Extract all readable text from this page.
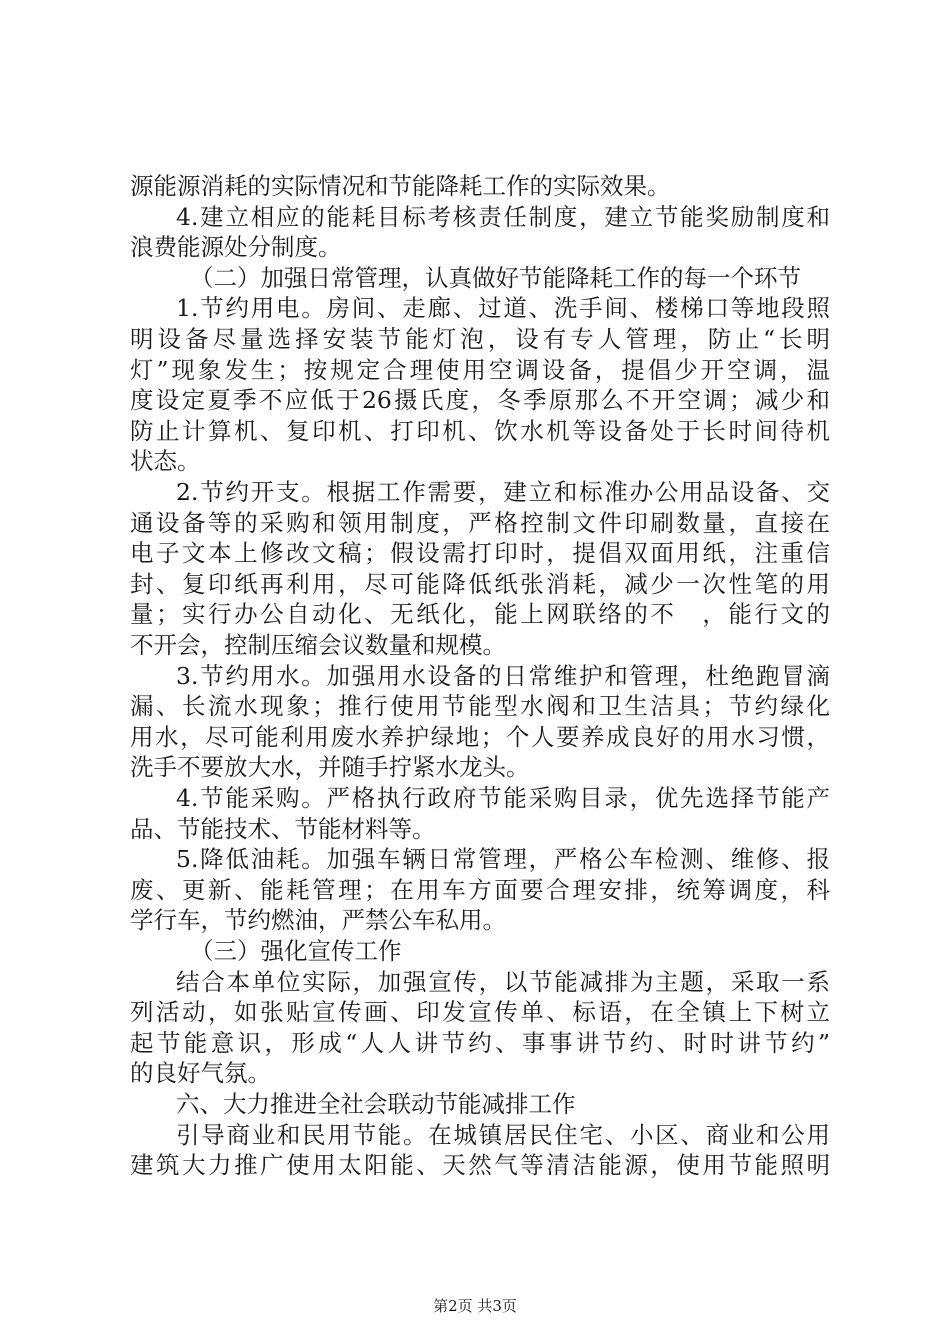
源能源消耗的实际情况和节能降耗工作的实际效果。
4.建立相应的能耗目标考核责任制度，建立节能奖励制度和
浪费能源处分制度。
（二）加强日常管理，认真做好节能降耗工作的每一个环节
1.节约用电。房间、走廊、过道、洗手间、楼梯口等地段照
明设备尽量选择安装节能灯泡，设有专人管理，防止“长明
灯”现象发生；按规定合理使用空调设备，提倡少开空调，温
度设定夏季不应低于26摄氏度，冬季原那么不开空调；减少和
防止计算机、复印机、打印机、饮水机等设备处于长时间待机
状态。
2.节约开支。根据工作需要，建立和标准办公用品设备、交
通设备等的采购和领用制度，严格控制文件印刷数量，直接在
电子文本上修改文稿；假设需打印时，提倡双面用纸，注重信
封、复印纸再利用，尽可能降低纸张消耗，减少一次性笔的用
量；实行办公自动化、无纸化，能上网联络的不　，能行文的
不开会，控制压缩会议数量和规模。
3.节约用水。加强用水设备的日常维护和管理，杜绝跑冒滴
漏、长流水现象；推行使用节能型水阀和卫生洁具；节约绿化
用水，尽可能利用废水养护绿地；个人要养成良好的用水习惯，
洗手不要放大水，并随手拧紧水龙头。
4.节能采购。严格执行政府节能采购目录，优先选择节能产
品、节能技术、节能材料等。
5.降低油耗。加强车辆日常管理，严格公车检测、维修、报
废、更新、能耗管理；在用车方面要合理安排，统筹调度，科
学行车，节约燃油，严禁公车私用。
（三）强化宣传工作
结合本单位实际，加强宣传，以节能减排为主题，采取一系
列活动，如张贴宣传画、印发宣传单、标语，在全镇上下树立
起节能意识，形成“人人讲节约、事事讲节约、时时讲节约”
的良好气氛。
六、大力推进全社会联动节能减排工作
引导商业和民用节能。在城镇居民住宅、小区、商业和公用
建筑大力推广使用太阳能、天然气等清洁能源，使用节能照明
第2页 共3页
